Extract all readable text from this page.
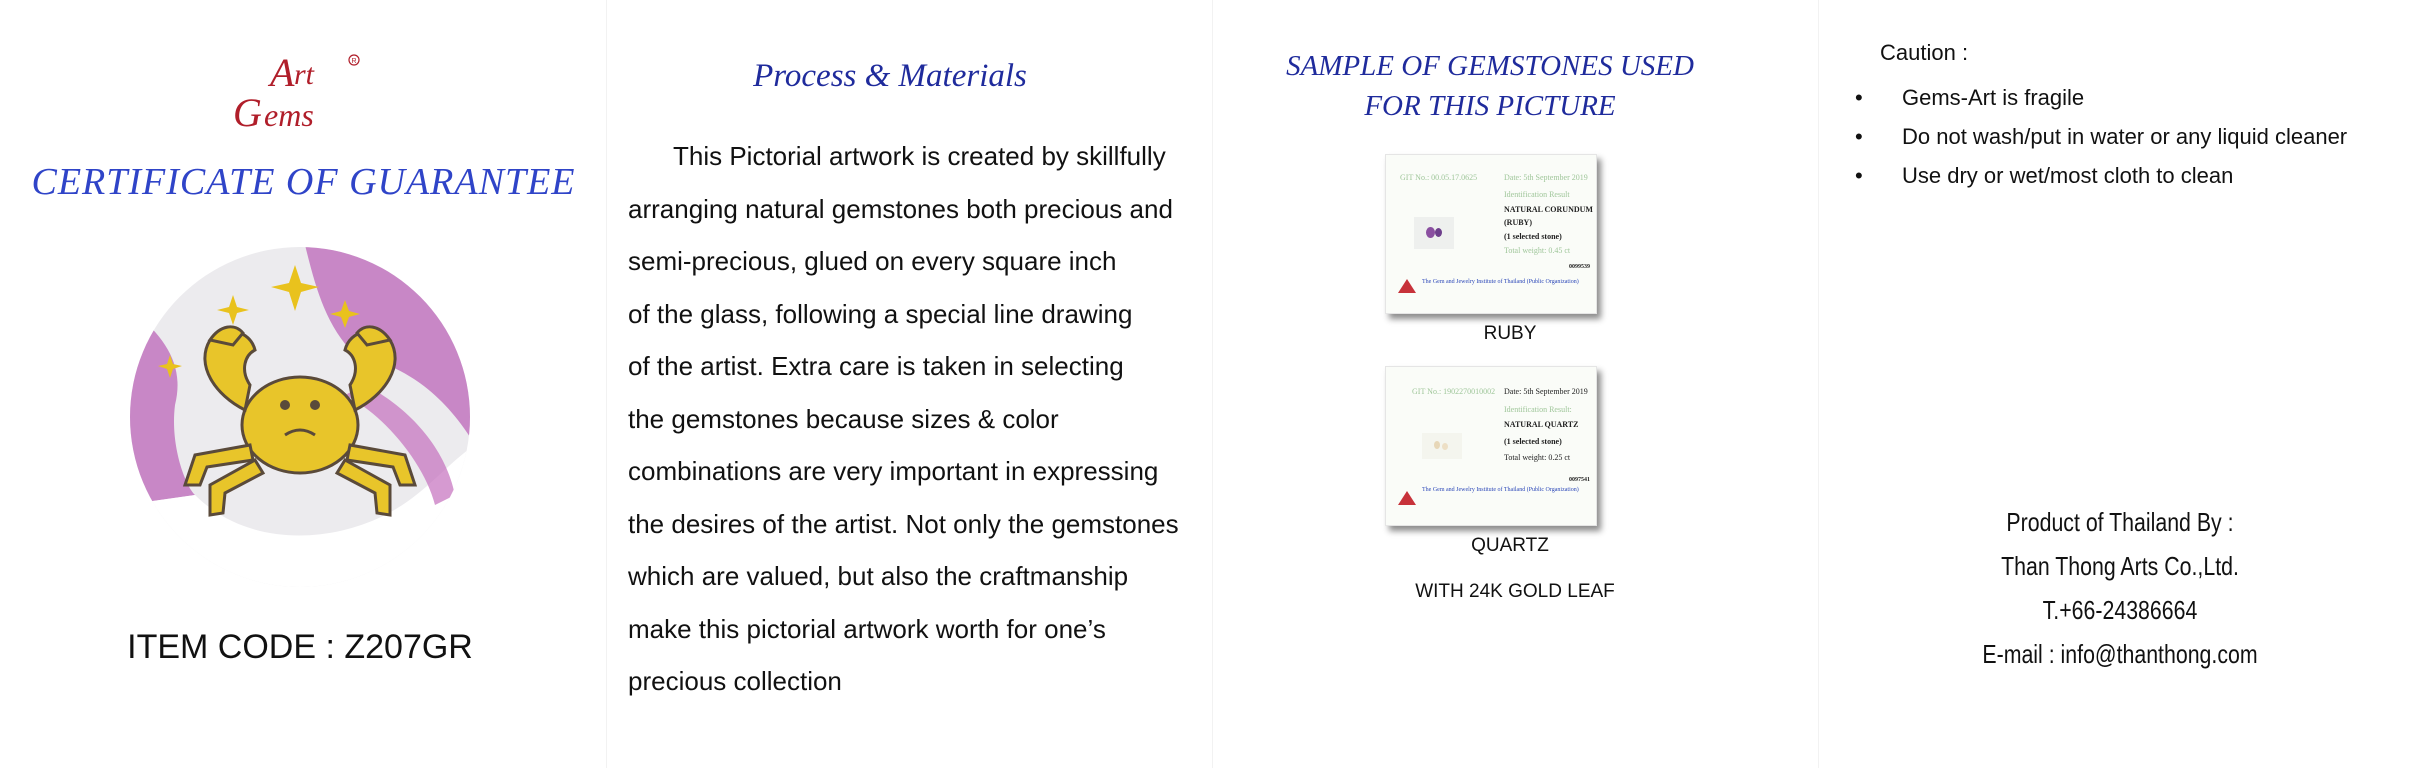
A rt	R
G ems
CERTIFICATE OF GUARANTEE
ITEM CODE : Z207GR
Process & Materials
This Pictorial artwork is created by skillfully
arranging natural gemstones both precious and
semi-precious, glued on every square inch
of the glass, following a special line drawing
of the artist. Extra care is taken in selecting
the gemstones because sizes & color
combinations are very important in expressing
the desires of the artist. Not only the gemstones
which are valued, but also the craftmanship
make this pictorial artwork worth for one’s
precious collection
SAMPLE OF GEMSTONES USED
FOR THIS PICTURE
GIT No.: 00.05.17.0625	Date: 5th September 2019
Identification Result
NATURAL CORUNDUM
(RUBY)
(1 selected stone)
Total weight: 0.45 ct
0099539
The Gem and Jewelry Institute of Thailand (Public Organization)
RUBY
GIT No.: 1902270010002 Date: 5th September 2019
Identification Result:
NATURAL QUARTZ
(1 selected stone)
Total weight: 0.25 ct
0097541
The Gem and Jewelry Institute of Thailand (Public Organization)
QUARTZ
WITH 24K GOLD LEAF
Caution :
• Gems-Art is fragile
• Do not wash/put in water or any liquid cleaner
• Use dry or wet/most cloth to clean
Product of Thailand By :
Than Thong Arts Co.,Ltd.
T.+66-24386664
E-mail : info@thanthong.com
